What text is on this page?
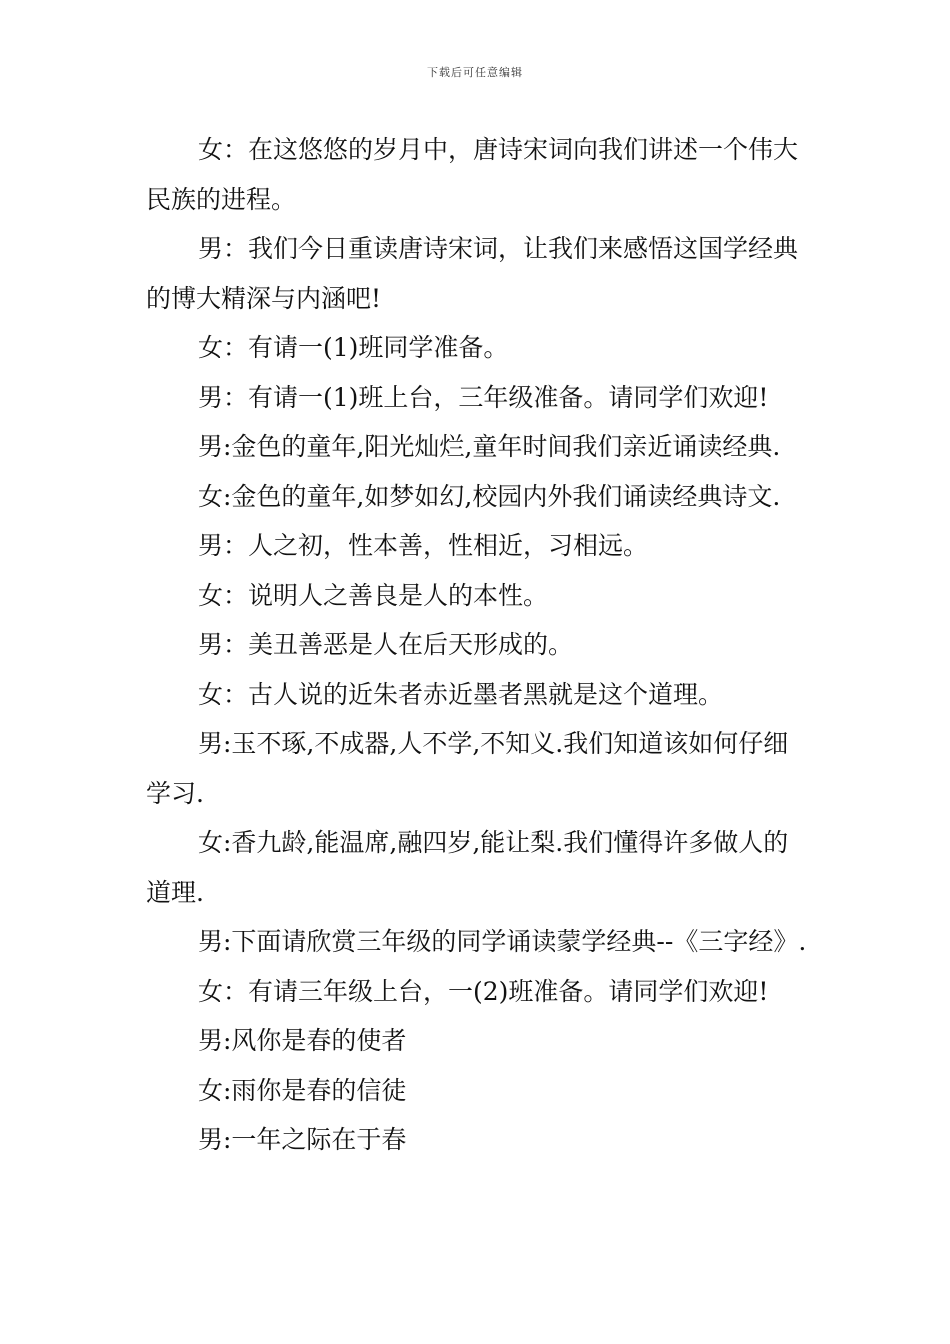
下载后可任意编辑

女：在这悠悠的岁月中，唐诗宋词向我们讲述一个伟大民族的进程。

男：我们今日重读唐诗宋词，让我们来感悟这国学经典的博大精深与内涵吧!

女：有请一(1)班同学准备。

男：有请一(1)班上台，三年级准备。请同学们欢迎!

男:金色的童年,阳光灿烂,童年时间我们亲近诵读经典.

女:金色的童年,如梦如幻,校园内外我们诵读经典诗文.

男：人之初，性本善，性相近，习相远。

女：说明人之善良是人的本性。

男：美丑善恶是人在后天形成的。

女：古人说的近朱者赤近墨者黑就是这个道理。

男:玉不琢,不成器,人不学,不知义.我们知道该如何仔细学习.

女:香九龄,能温席,融四岁,能让梨.我们懂得许多做人的道理.

男:下面请欣赏三年级的同学诵读蒙学经典--《三字经》.

女：有请三年级上台，一(2)班准备。请同学们欢迎!

男:风你是春的使者

女:雨你是春的信徒

男:一年之际在于春
